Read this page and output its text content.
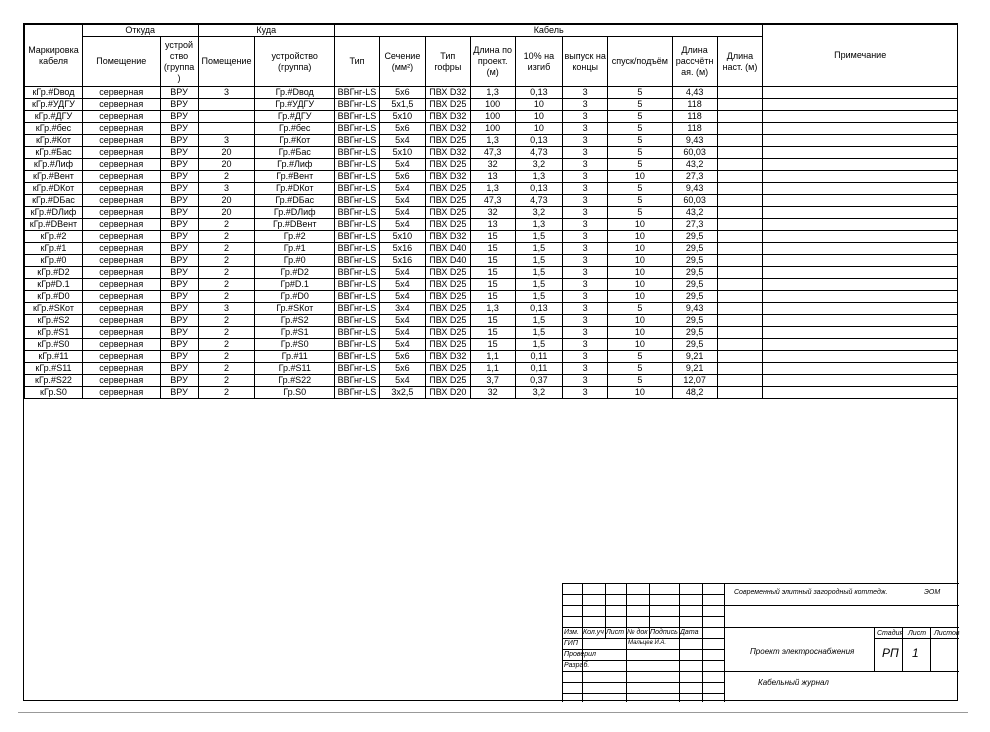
Маркировка кабеля	Откуда		Куда		Кабель									Примечание
	Помещение	устрой ство (группа )	Помещение	устройство (группа)	Тип	Сечение (мм²)	Тип гофры	Длина по проект. (м)	10% на изгиб	выпуск на концы	спуск/подъём	Длина рассчётн ая. (м)	Длина наст. (м)	
кГр.#Dвод	серверная	ВРУ	3	Гр.#Dвод	ВВГнг-LS	5х6	ПВХ D32	1,3	0,13	3	5	4,43		
кГр.#УДГУ	серверная	ВРУ		Гр.#УДГУ	ВВГнг-LS	5х1,5	ПВХ D25	100	10	3	5	118		
кГр.#ДГУ	серверная	ВРУ		Гр.#ДГУ	ВВГнг-LS	5х10	ПВХ D32	100	10	3	5	118		
кГр.#бес	серверная	ВРУ		Гр.#бес	ВВГнг-LS	5х6	ПВХ D32	100	10	3	5	118		
кГр.#Кот	серверная	ВРУ	3	Гр.#Кот	ВВГнг-LS	5х4	ПВХ D25	1,3	0,13	3	5	9,43		
кГр.#Бас	серверная	ВРУ	20	Гр.#Бас	ВВГнг-LS	5х10	ПВХ D32	47,3	4,73	3	5	60,03		
кГр.#Лиф	серверная	ВРУ	20	Гр.#Лиф	ВВГнг-LS	5х4	ПВХ D25	32	3,2	3	5	43,2		
кГр.#Вент	серверная	ВРУ	2	Гр.#Вент	ВВГнг-LS	5х6	ПВХ D32	13	1,3	3	10	27,3		
кГр.#DКот	серверная	ВРУ	3	Гр.#DКот	ВВГнг-LS	5х4	ПВХ D25	1,3	0,13	3	5	9,43		
кГр.#DБас	серверная	ВРУ	20	Гр.#DБас	ВВГнг-LS	5х4	ПВХ D25	47,3	4,73	3	5	60,03		
кГр.#DЛиф	серверная	ВРУ	20	Гр.#DЛиф	ВВГнг-LS	5х4	ПВХ D25	32	3,2	3	5	43,2		
кГр.#DВент	серверная	ВРУ	2	Гр.#DВент	ВВГнг-LS	5х4	ПВХ D25	13	1,3	3	10	27,3		
кГр.#2	серверная	ВРУ	2	Гр.#2	ВВГнг-LS	5х10	ПВХ D32	15	1,5	3	10	29,5		
кГр.#1	серверная	ВРУ	2	Гр.#1	ВВГнг-LS	5х16	ПВХ D40	15	1,5	3	10	29,5		
кГр.#0	серверная	ВРУ	2	Гр.#0	ВВГнг-LS	5х16	ПВХ D40	15	1,5	3	10	29,5		
кГр.#D2	серверная	ВРУ	2	Гр.#D2	ВВГнг-LS	5х4	ПВХ D25	15	1,5	3	10	29,5		
кГр#D.1	серверная	ВРУ	2	Гр#D.1	ВВГнг-LS	5х4	ПВХ D25	15	1,5	3	10	29,5		
кГр.#D0	серверная	ВРУ	2	Гр.#D0	ВВГнг-LS	5х4	ПВХ D25	15	1,5	3	10	29,5		
кГр.#SКот	серверная	ВРУ	3	Гр.#SКот	ВВГнг-LS	3х4	ПВХ D25	1,3	0,13	3	5	9,43		
кГр.#S2	серверная	ВРУ	2	Гр.#S2	ВВГнг-LS	5х4	ПВХ D25	15	1,5	3	10	29,5		
кГр.#S1	серверная	ВРУ	2	Гр.#S1	ВВГнг-LS	5х4	ПВХ D25	15	1,5	3	10	29,5		
кГр.#S0	серверная	ВРУ	2	Гр.#S0	ВВГнг-LS	5х4	ПВХ D25	15	1,5	3	10	29,5		
кГр.#11	серверная	ВРУ	2	Гр.#11	ВВГнг-LS	5х6	ПВХ D32	1,1	0,11	3	5	9,21		
кГр.#S11	серверная	ВРУ	2	Гр.#S11	ВВГнг-LS	5х6	ПВХ D25	1,1	0,11	3	5	9,21		
кГр.#S22	серверная	ВРУ	2	Гр.#S22	ВВГнг-LS	5х4	ПВХ D25	3,7	0,37	3	5	12,07		
кГр.S0	серверная	ВРУ	2	Гр.S0	ВВГнг-LS	3х2,5	ПВХ D20	32	3,2	3	10	48,2		
Изм. Кол.уч Лист № док Подпись Дата
ГИП	Мальцев И.А.
Проверил
Разраб.
Современный элитный загородный коттедж.	ЭОМ
Проект электроснабжения
Стадия Лист Листов
РП 1
Кабельный журнал
